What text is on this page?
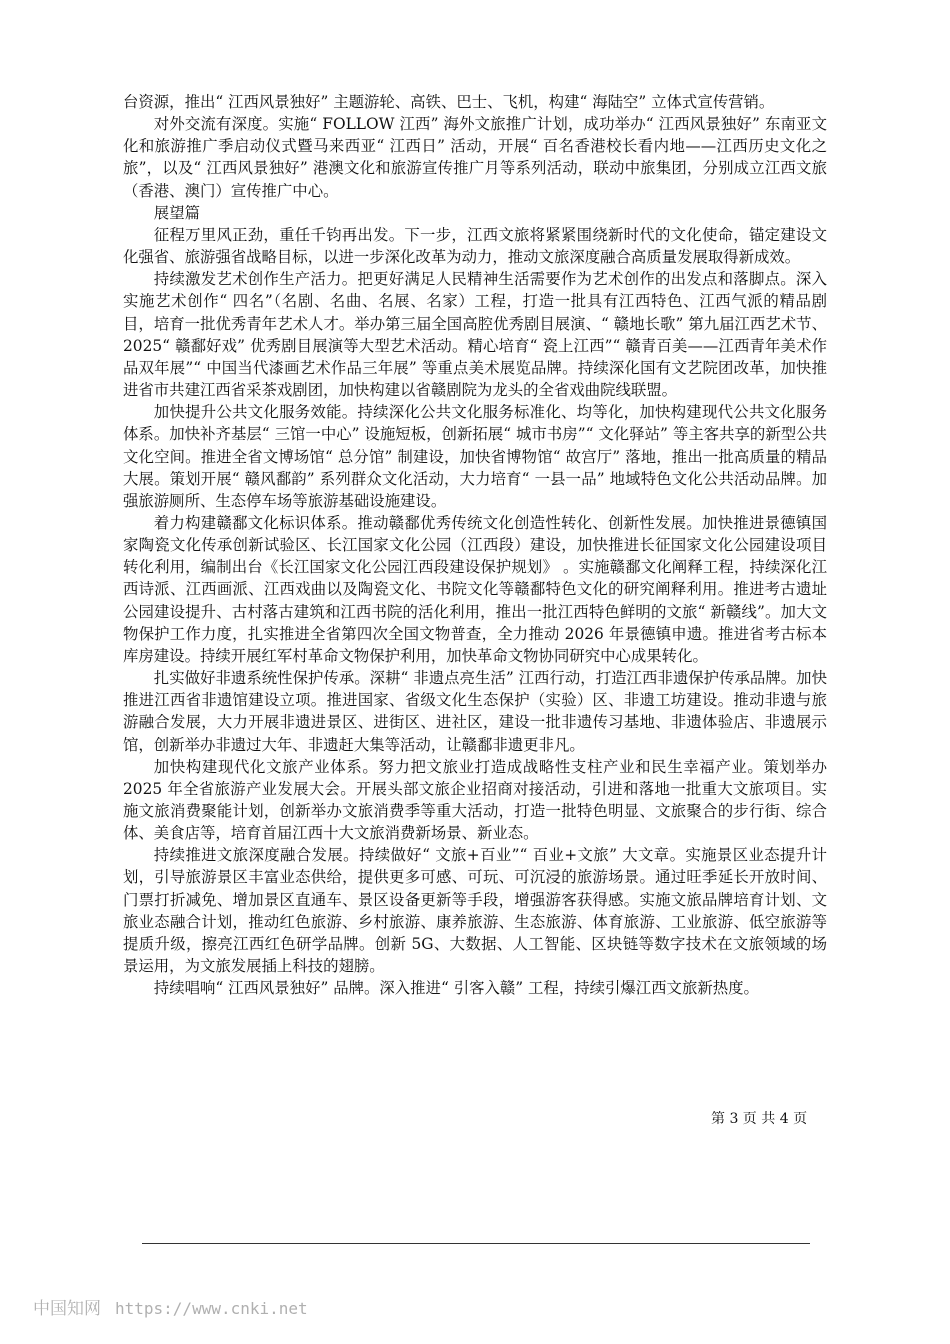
台资源，推出“ 江西风景独好” 主题游轮、高铁、巴士、飞机，构建“ 海陆空” 立体式宣传营销。

对外交流有深度。实施“ FOLLOW 江西” 海外文旅推广计划，成功举办“ 江西风景独好” 东南亚文化和旅游推广季启动仪式暨马来西亚“ 江西日” 活动，开展“ 百名香港校长看内地——江西历史文化之旅”，以及“ 江西风景独好” 港澳文化和旅游宣传推广月等系列活动，联动中旅集团，分别成立江西文旅（香港、澳门）宣传推广中心。

展望篇

征程万里风正劲，重任千钧再出发。下一步，江西文旅将紧紧围绕新时代的文化使命，锚定建设文化强省、旅游强省战略目标，以进一步深化改革为动力，推动文旅深度融合高质量发展取得新成效。

持续激发艺术创作生产活力。把更好满足人民精神生活需要作为艺术创作的出发点和落脚点。深入实施艺术创作“ 四名”（名剧、名曲、名展、名家）工程，打造一批具有江西特色、江西气派的精品剧目，培育一批优秀青年艺术人才。举办第三届全国高腔优秀剧目展演、“ 赣地长歌” 第九届江西艺术节、2025“ 赣鄱好戏” 优秀剧目展演等大型艺术活动。精心培育“ 瓷上江西”“ 赣青百美——江西青年美术作品双年展”“ 中国当代漆画艺术作品三年展” 等重点美术展览品牌。持续深化国有文艺院团改革，加快推进省市共建江西省采茶戏剧团，加快构建以省赣剧院为龙头的全省戏曲院线联盟。

加快提升公共文化服务效能。持续深化公共文化服务标准化、均等化，加快构建现代公共文化服务体系。加快补齐基层“ 三馆一中心” 设施短板，创新拓展“ 城市书房”“ 文化驿站” 等主客共享的新型公共文化空间。推进全省文博场馆“ 总分馆” 制建设，加快省博物馆“ 故宫厅” 落地，推出一批高质量的精品大展。策划开展“ 赣风鄱韵” 系列群众文化活动，大力培育“ 一县一品” 地域特色文化公共活动品牌。加强旅游厕所、生态停车场等旅游基础设施建设。

着力构建赣鄱文化标识体系。推动赣鄱优秀传统文化创造性转化、创新性发展。加快推进景德镇国家陶瓷文化传承创新试验区、长江国家文化公园（江西段）建设，加快推进长征国家文化公园建设项目转化利用，编制出台《长江国家文化公园江西段建设保护规划》 。实施赣鄱文化阐释工程，持续深化江西诗派、江西画派、江西戏曲以及陶瓷文化、书院文化等赣鄱特色文化的研究阐释利用。推进考古遗址公园建设提升、古村落古建筑和江西书院的活化利用，推出一批江西特色鲜明的文旅“ 新赣线”。加大文物保护工作力度，扎实推进全省第四次全国文物普查，全力推动 2026 年景德镇申遗。推进省考古标本库房建设。持续开展红军村革命文物保护利用，加快革命文物协同研究中心成果转化。

扎实做好非遗系统性保护传承。深耕“ 非遗点亮生活” 江西行动，打造江西非遗保护传承品牌。加快推进江西省非遗馆建设立项。推进国家、省级文化生态保护（实验）区、非遗工坊建设。推动非遗与旅游融合发展，大力开展非遗进景区、进街区、进社区，建设一批非遗传习基地、非遗体验店、非遗展示馆，创新举办非遗过大年、非遗赶大集等活动，让赣鄱非遗更非凡。

加快构建现代化文旅产业体系。努力把文旅业打造成战略性支柱产业和民生幸福产业。策划举办 2025 年全省旅游产业发展大会。开展头部文旅企业招商对接活动，引进和落地一批重大文旅项目。实施文旅消费聚能计划，创新举办文旅消费季等重大活动，打造一批特色明显、文旅聚合的步行街、综合体、美食店等，培育首届江西十大文旅消费新场景、新业态。

持续推进文旅深度融合发展。持续做好“ 文旅+百业”“ 百业+文旅” 大文章。实施景区业态提升计划，引导旅游景区丰富业态供给，提供更多可感、可玩、可沉浸的旅游场景。通过旺季延长开放时间、门票打折减免、增加景区直通车、景区设备更新等手段，增强游客获得感。实施文旅品牌培育计划、文旅业态融合计划，推动红色旅游、乡村旅游、康养旅游、生态旅游、体育旅游、工业旅游、低空旅游等提质升级，擦亮江西红色研学品牌。创新 5G、大数据、人工智能、区块链等数字技术在文旅领域的场景运用，为文旅发展插上科技的翅膀。

持续唱响“ 江西风景独好” 品牌。深入推进“ 引客入赣” 工程，持续引爆江西文旅新热度。

第 3 页 共 4 页
中国知网 https://www.cnki.net
